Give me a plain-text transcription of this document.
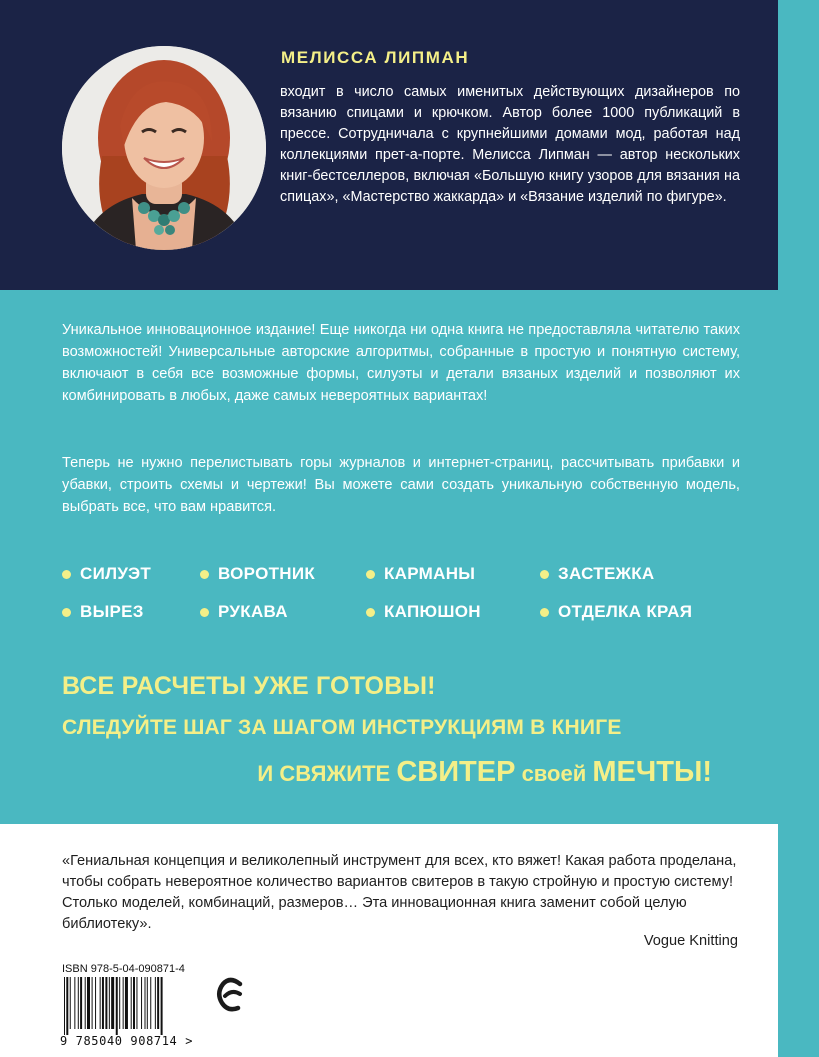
МЕЛИССА ЛИПМАН

входит в число самых именитых действующих дизайнеров по вязанию спицами и крючком. Автор более 1000 публикаций в прессе. Сотрудничала с крупнейшими домами мод, работая над коллекциями прет-а-порте. Мелисса Липман — автор нескольких книг-бестселлеров, включая «Большую книгу узоров для вязания на спицах», «Мастерство жаккарда» и «Вязание изделий по фигуре».

Уникальное инновационное издание! Еще никогда ни одна книга не предоставляла читателю таких возможностей! Универсальные авторские алгоритмы, собранные в простую и понятную систему, включают в себя все возможные формы, силуэты и детали вязаных изделий и позволяют их комбинировать в любых, даже самых невероятных вариантах!

Теперь не нужно перелистывать горы журналов и интернет-страниц, рассчитывать прибавки и убавки, строить схемы и чертежи! Вы можете сами создать уникальную собственную модель, выбрать все, что вам нравится.

СИЛУЭТ	ВОРОТНИК	КАРМАНЫ	ЗАСТЕЖКА
ВЫРЕЗ	РУКАВА	КАПЮШОН	ОТДЕЛКА КРАЯ
ВСЕ РАСЧЕТЫ УЖЕ ГОТОВЫ!
СЛЕДУЙТЕ ШАГ ЗА ШАГОМ ИНСТРУКЦИЯМ В КНИГЕ
И СВЯЖИТЕ СВИТЕР своей МЕЧТЫ!

«Гениальная концепция и великолепный инструмент для всех, кто вяжет! Какая работа проделана, чтобы собрать невероятное количество вариантов свитеров в такую стройную и простую систему! Столько моделей, комбинаций, размеров… Эта инновационная книга заменит собой целую библиотеку».

Vogue Knitting
ISBN 978-5-04-090871-4
9 785040 908714 >
